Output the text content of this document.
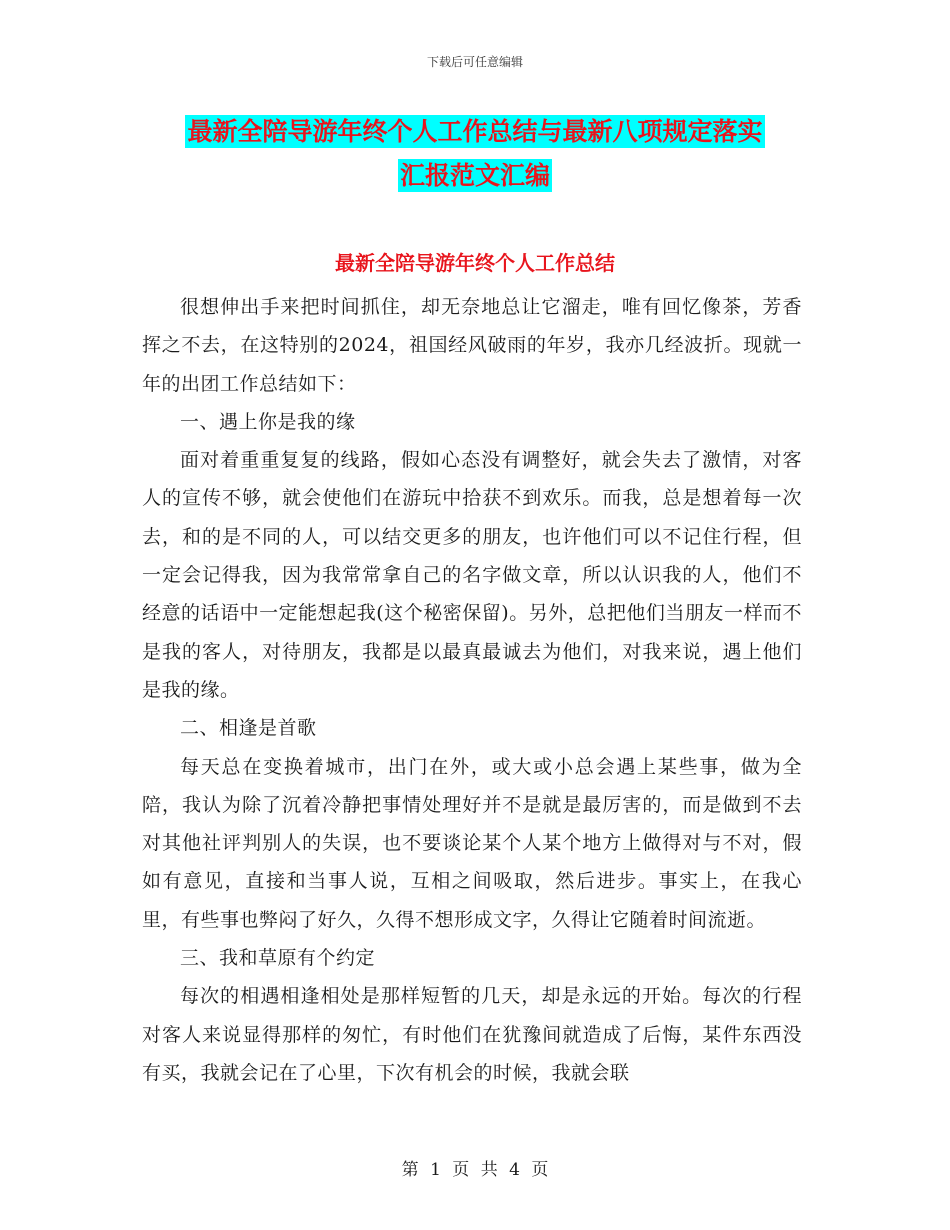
下载后可任意编辑
最新全陪导游年终个人工作总结与最新八项规定落实
汇报范文汇编
最新全陪导游年终个人工作总结

很想伸出手来把时间抓住，却无奈地总让它溜走，唯有回忆像茶，芳香挥之不去，在这特别的2024，祖国经风破雨的年岁，我亦几经波折。现就一年的出团工作总结如下：

一、遇上你是我的缘

面对着重重复复的线路，假如心态没有调整好，就会失去了激情，对客人的宣传不够，就会使他们在游玩中拾获不到欢乐。而我，总是想着每一次去，和的是不同的人，可以结交更多的朋友，也许他们可以不记住行程，但一定会记得我，因为我常常拿自己的名字做文章，所以认识我的人，他们不经意的话语中一定能想起我(这个秘密保留)。另外，总把他们当朋友一样而不是我的客人，对待朋友，我都是以最真最诚去为他们，对我来说，遇上他们是我的缘。

二、相逢是首歌

每天总在变换着城市，出门在外，或大或小总会遇上某些事，做为全陪，我认为除了沉着冷静把事情处理好并不是就是最厉害的，而是做到不去对其他社评判别人的失误，也不要谈论某个人某个地方上做得对与不对，假如有意见，直接和当事人说，互相之间吸取，然后进步。事实上，在我心里，有些事也弊闷了好久，久得不想形成文字，久得让它随着时间流逝。

三、我和草原有个约定

每次的相遇相逢相处是那样短暂的几天，却是永远的开始。每次的行程对客人来说显得那样的匆忙，有时他们在犹豫间就造成了后悔，某件东西没有买，我就会记在了心里，下次有机会的时候，我就会联

第 1 页 共 4 页
